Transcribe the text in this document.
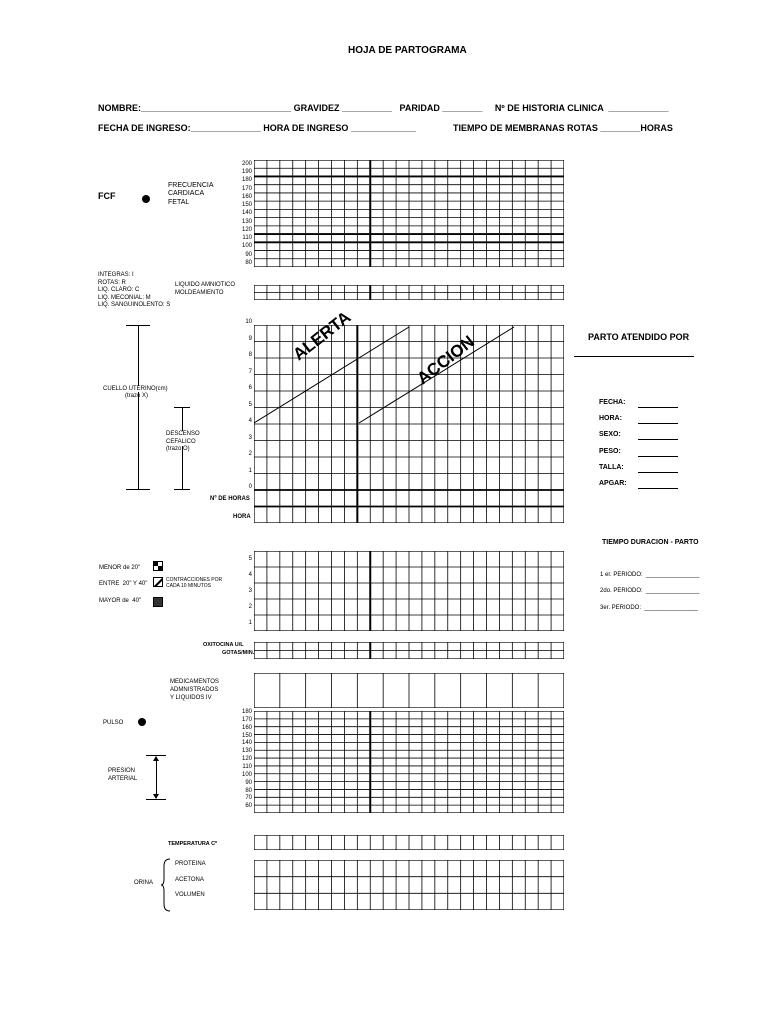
HOJA DE PARTOGRAMA
NOMBRE:______________________________ GRAVIDEZ __________   PARIDAD ________     Nº DE HISTORIA CLINICA  ____________
FECHA DE INGRESO:______________ HORA DE INGRESO _____________	TIEMPO DE MEMBRANAS ROTAS ________HORAS
FCF
FRECUENCIA
CARDIACA
FETAL
200
190
180
170
160
150
140
130
120
110
100
90
80
INTEGRAS: I
ROTAS: R
LIQ. CLARO: C
LIQ. MECONIAL: M
LIQ. SANGUINOLENTO: S
LIQUIDO AMNIOTICO
MOLDEAMIENTO
10
9
8
7
6
5
4
3
2
1
0
ALERTA	ACCION
CUELLO UTERINO(cm)
(trazo X)
DESCENSO
CEFALICO
(trazo O)
Nº DE HORAS
HORA
PARTO ATENDIDO POR
FECHA:
HORA:
SEXO:
PESO:
TALLA:
APGAR:
TIEMPO DURACION - PARTO
1 er. PERIODO:  ________________
2do. PERIODO:  ________________
3er. PERIODO:  ________________
MENOR de 20"
ENTRE  20" Y 40"
CONTRACCIONES POR
CADA 10 MINUTOS
MAYOR de  40"
5
4
3
2
1
OXITOCINA U/L
GOTAS/MIN.
MEDICAMENTOS
ADMNISTRADOS
Y LIQUIDOS IV
PULSO
PRESION
ARTERIAL
180
170
160
150
140
130
120
110
100
90
80
70
60
TEMPERATURA Cº
ORINA
PROTEINA
ACETONA
VOLUMEN
